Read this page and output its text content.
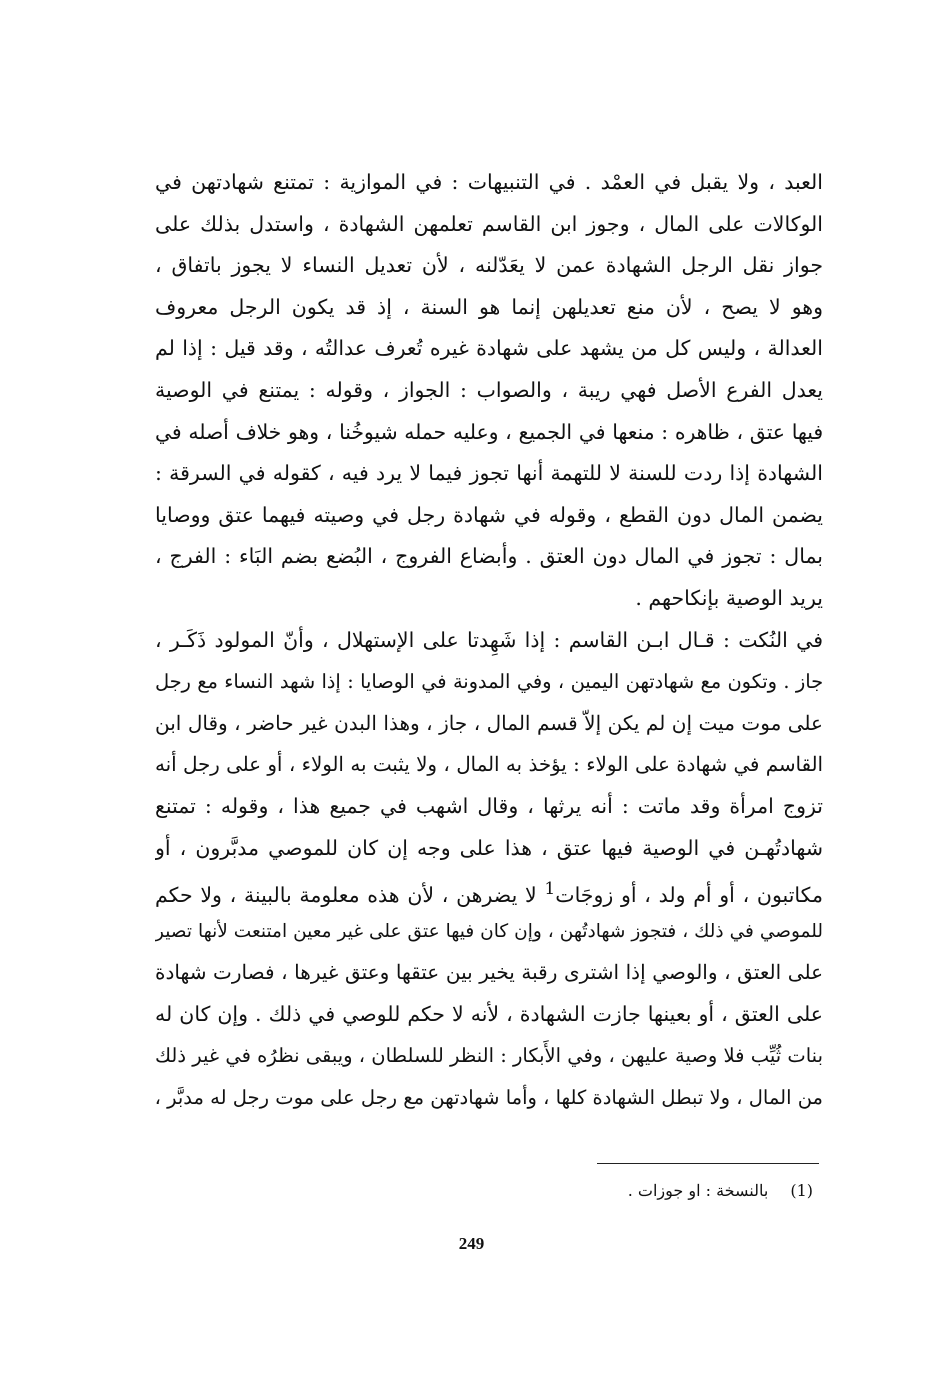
العبد ، ولا يقبل في العمْد . في التنبيهات : في الموازية : تمتنع شهادتهن في
الوكالات على المال ، وجوز ابن القاسم تعلمهن الشهادة ، واستدل بذلك على
جواز نقل الرجل الشهادة عمن لا يعَدّلنه ، لأن تعديل النساء لا يجوز باتفاق ،
وهو لا يصح ، لأن منع تعديلهن إنما هو السنة ، إذ قد يكون الرجل معروف
العدالة ، وليس كل من يشهد على شهادة غيره تُعرف عدالتُه ، وقد قيل : إذا لم
يعدل الفرع الأصل فهي ريبة ، والصواب : الجواز ، وقوله : يمتنع في الوصية
فيها عتق ، ظاهره : منعها في الجميع ، وعليه حمله شيوخُنا ، وهو خلاف أصله في
الشهادة إذا ردت للسنة لا للتهمة أنها تجوز فيما لا يرد فيه ، كقوله في السرقة :
يضمن المال دون القطع ، وقوله في شهادة رجل في وصيته فيهما عتق ووصايا
بمال : تجوز في المال دون العتق . وأبضاع الفروج ، البُضع بضم البَاء : الفرج ،
يريد الوصية بإنكاحهم .
في النُكت : قـال ابـن القاسم : إذا شَهِدتا على الإستهلال ، وأنّ المولود ذَكَـر ،
جاز . وتكون مع شهادتهن اليمين ، وفي المدونة في الوصايا : إذا شهد النساء مع رجل
على موت ميت إن لم يكن إلاّ قسم المال ، جاز ، وهذا البدن غير حاضر ، وقال ابن
القاسم في شهادة على الولاء : يؤخذ به المال ، ولا يثبت به الولاء ، أو على رجل أنه
تزوج امرأة وقد ماتت : أنه يرثها ، وقال اشهب في جميع هذا ، وقوله : تمتنع
شهادتُهـن في الوصية فيها عتق ، هذا على وجه إن كان للموصي مدبَّرون ، أو
مكاتبون ، أو أم ولد ، أو زوجَات$^1$ لا يضرهن ، لأن هذه معلومة بالبينة ، ولا حكم
للموصي في ذلك ، فتجوز شهادتُهن ، وإن كان فيها عتق على غير معين امتنعت لأنها تصير
على العتق ، والوصي إذا اشترى رقبة يخير بين عتقها وعتق غيرها ، فصارت شهادة
على العتق ، أو بعينها جازت الشهادة ، لأنه لا حكم للوصي في ذلك . وإن كان له
بنات ثُيِّب فلا وصية عليهن ، وفي الأَبكار : النظر للسلطان ، ويبقى نظرُه في غير ذلك
من المال ، ولا تبطل الشهادة كلها ، وأما شهادتهن مع رجل على موت رجل له مدبَّر ،
(1)بالنسخة : او جوزات .
249
